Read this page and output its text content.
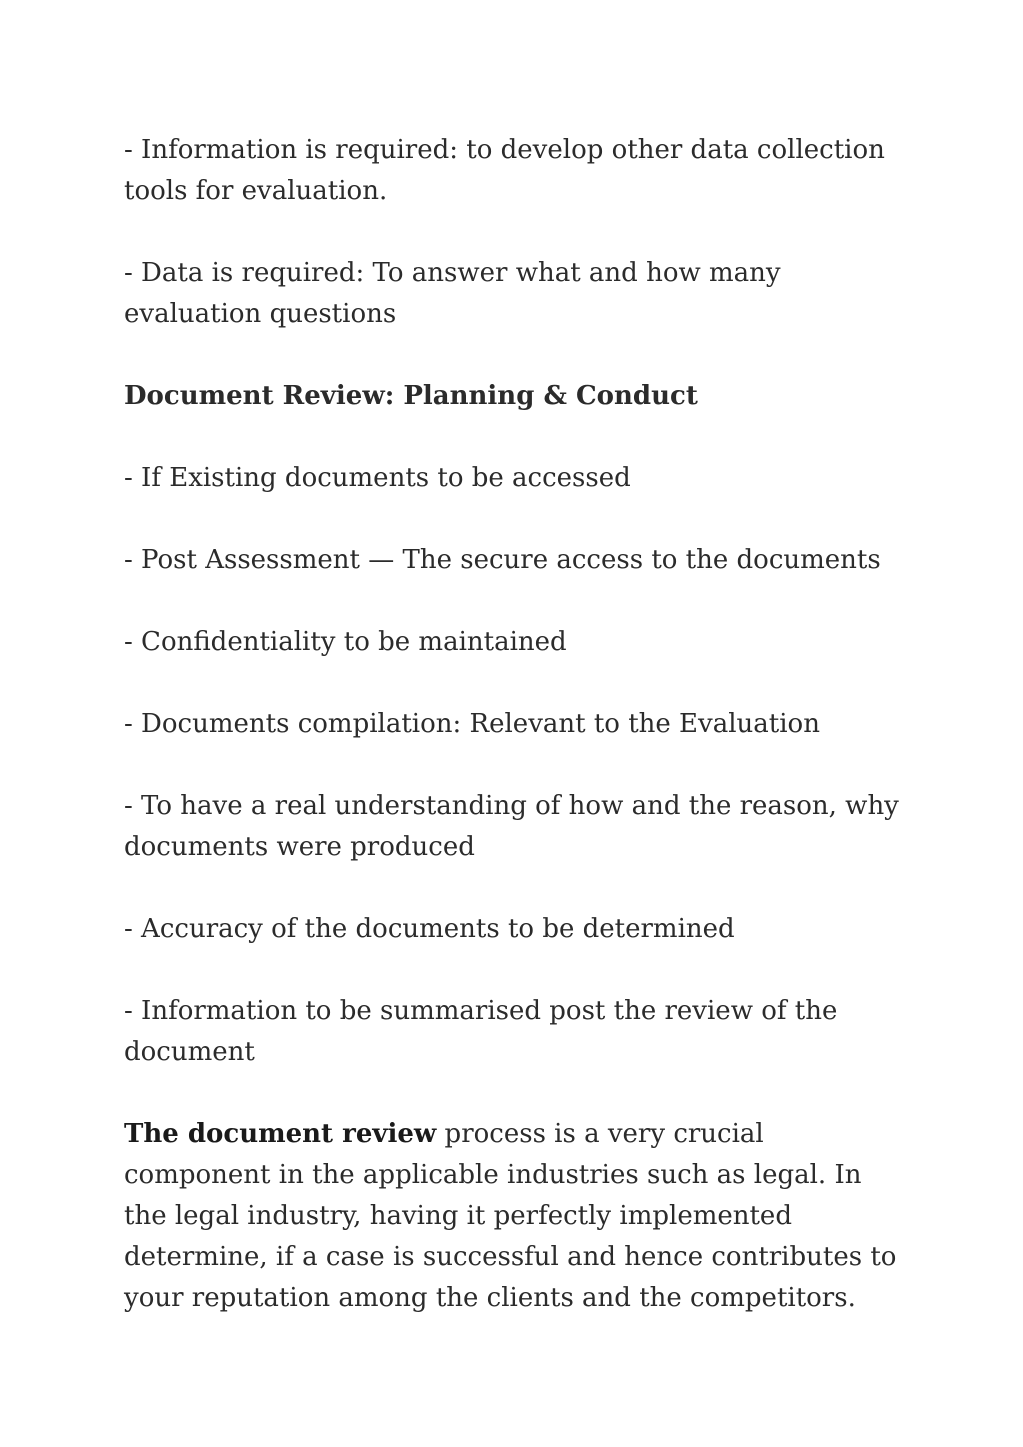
- Information is required: to develop other data collection tools for evaluation.

- Data is required: To answer what and how many evaluation questions

Document Review: Planning & Conduct

- If Existing documents to be accessed

- Post Assessment — The secure access to the documents

- Confidentiality to be maintained

- Documents compilation: Relevant to the Evaluation

- To have a real understanding of how and the reason, why documents were produced

- Accuracy of the documents to be determined

- Information to be summarised post the review of the document

The document review process is a very crucial component in the applicable industries such as legal. In the legal industry, having it perfectly implemented determine, if a case is successful and hence contributes to your reputation among the clients and the competitors.
